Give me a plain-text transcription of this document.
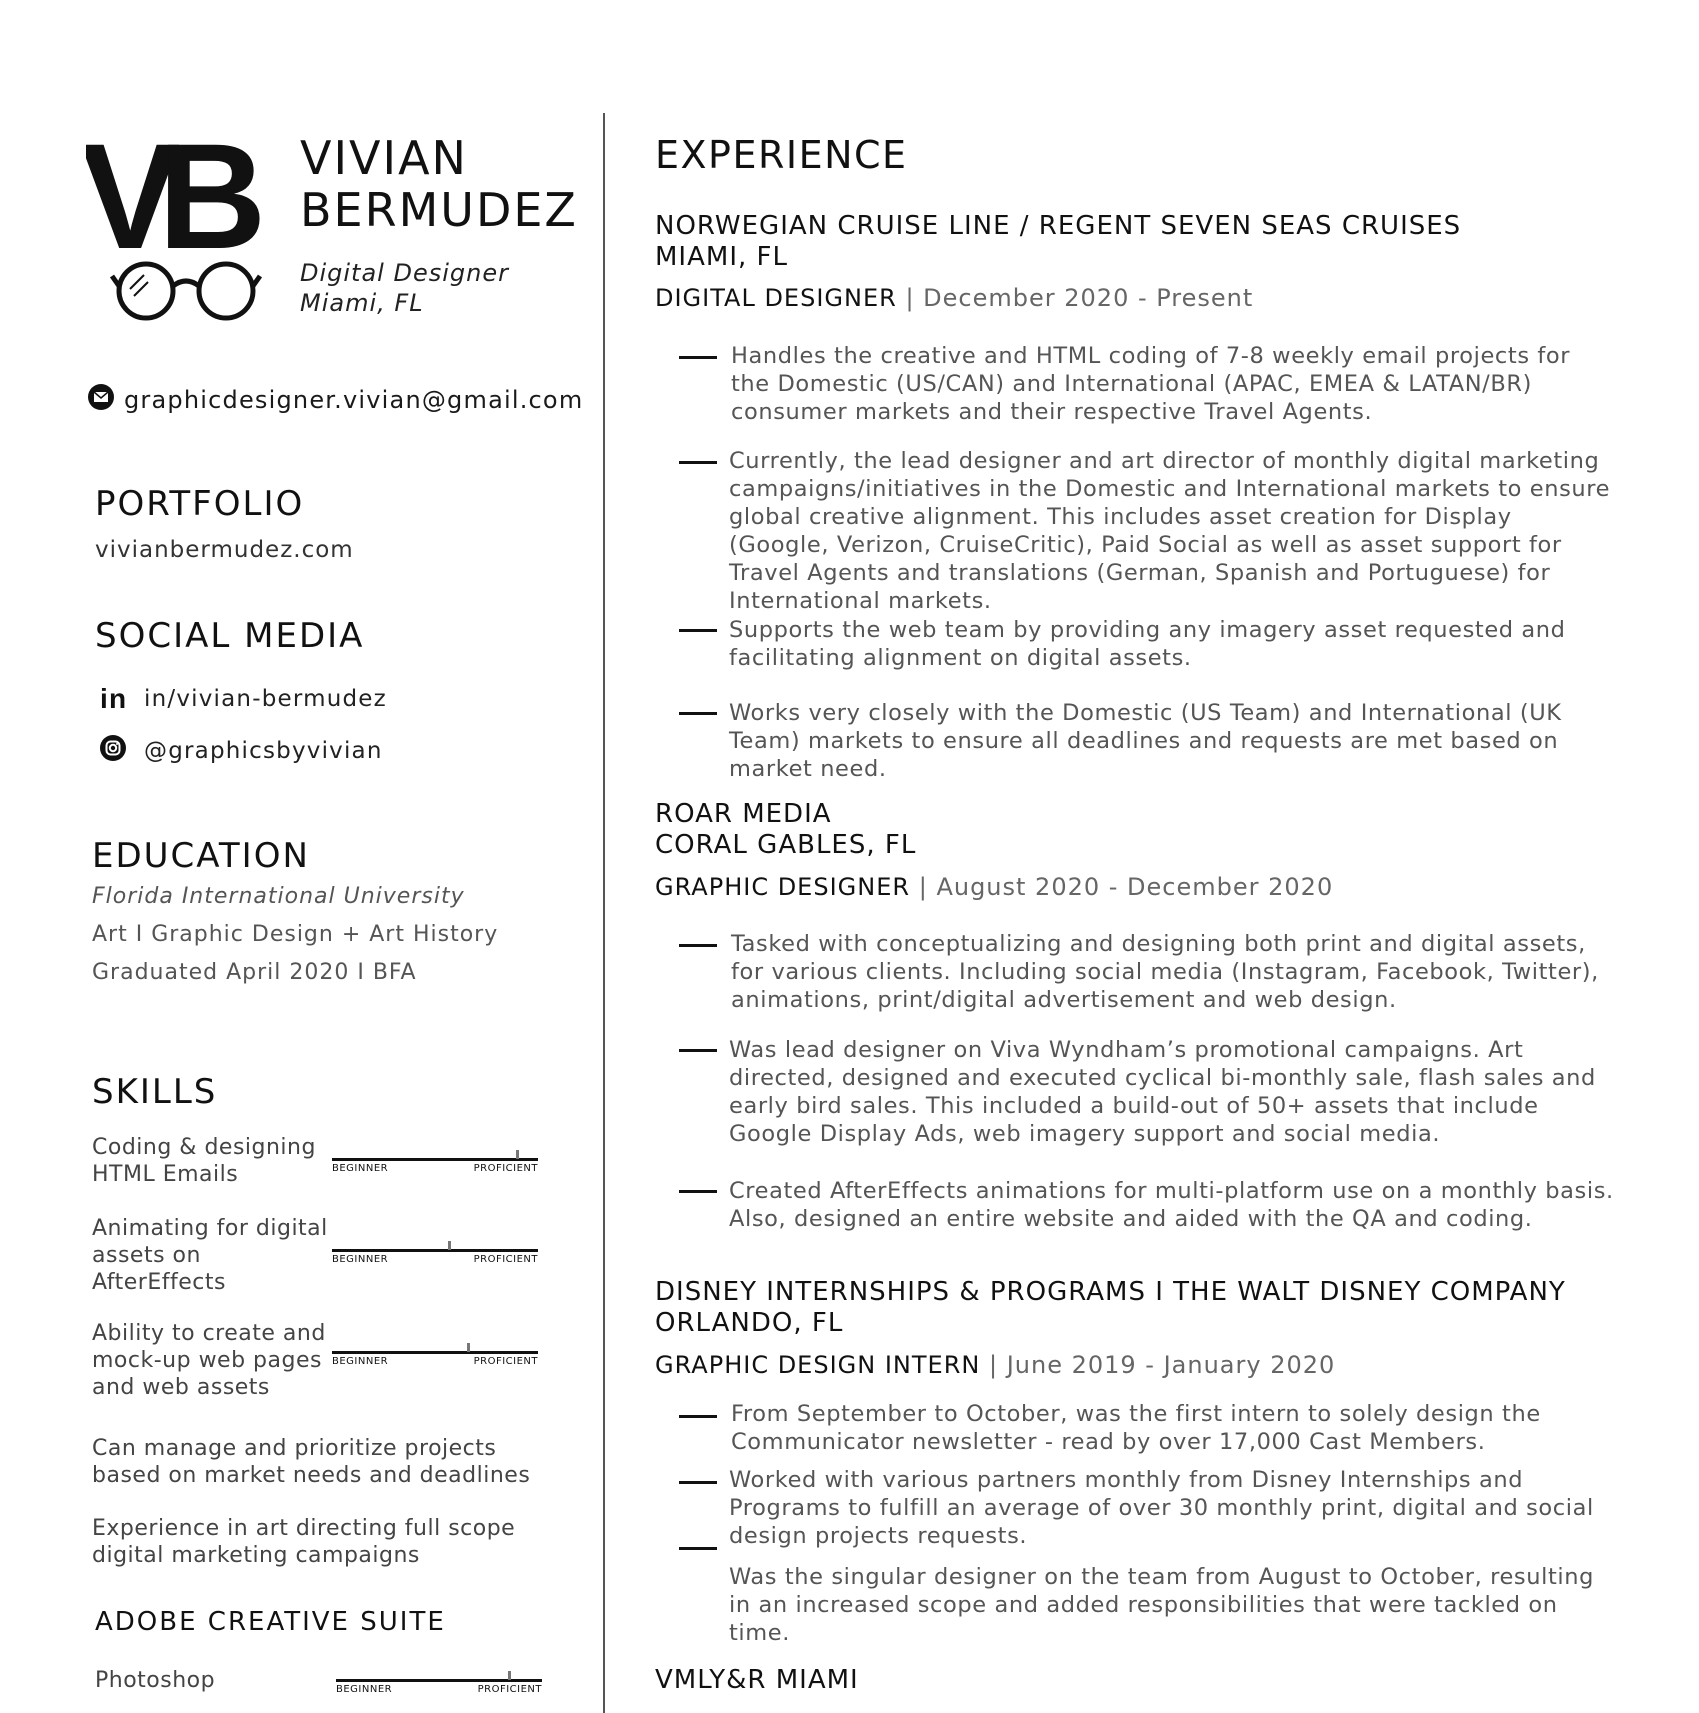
VB	VIVIAN
BERMUDEZ
Digital Designer
Miami, FL
graphicdesigner.vivian@gmail.com
PORTFOLIO
vivianbermudez.com
SOCIAL MEDIA
in in/vivian-bermudez
@graphicsbyvivian
EDUCATION
Florida International University
Art I Graphic Design + Art History
Graduated April 2020 I BFA
SKILLS
Coding & designing HTML Emails	BEGINNER	PROFICIENT
Animating for digital assets on AfterEffects
BEGINNER	PROFICIENT
Ability to create and mock-up web pages and web assets
BEGINNER	PROFICIENT
Can manage and prioritize projects based on market needs and deadlines
Experience in art directing full scope digital marketing campaigns
ADOBE CREATIVE SUITE
Photoshop	BEGINNER	PROFICIENT
EXPERIENCE
NORWEGIAN CRUISE LINE / REGENT SEVEN SEAS CRUISES
MIAMI, FL
DIGITAL DESIGNER | December 2020 - Present
Handles the creative and HTML coding of 7-8 weekly email projects for the Domestic (US/CAN) and International (APAC, EMEA & LATAN/BR) consumer markets and their respective Travel Agents.
Currently, the lead designer and art director of monthly digital marketing campaigns/initiatives in the Domestic and International markets to ensure global creative alignment. This includes asset creation for Display (Google, Verizon, CruiseCritic), Paid Social as well as asset support for Travel Agents and translations (German, Spanish and Portuguese) for International markets.
Supports the web team by providing any imagery asset requested and facilitating alignment on digital assets.
Works very closely with the Domestic (US Team) and International (UK Team) markets to ensure all deadlines and requests are met based on market need.
ROAR MEDIA
CORAL GABLES, FL
GRAPHIC DESIGNER | August 2020 - December 2020
Tasked with conceptualizing and designing both print and digital assets, for various clients. Including social media (Instagram, Facebook, Twitter), animations, print/digital advertisement and web design.
Was lead designer on Viva Wyndham’s promotional campaigns. Art directed, designed and executed cyclical bi-monthly sale, flash sales and early bird sales. This included a build-out of 50+ assets that include Google Display Ads, web imagery support and social media.
Created AfterEffects animations for multi-platform use on a monthly basis. Also, designed an entire website and aided with the QA and coding.
DISNEY INTERNSHIPS & PROGRAMS I THE WALT DISNEY COMPANY
ORLANDO, FL
GRAPHIC DESIGN INTERN | June 2019 - January 2020
From September to October, was the first intern to solely design the Communicator newsletter - read by over 17,000 Cast Members.
Worked with various partners monthly from Disney Internships and Programs to fulfill an average of over 30 monthly print, digital and social design projects requests.
Was the singular designer on the team from August to October, resulting in an increased scope and added responsibilities that were tackled on time.
VMLY&R MIAMI
